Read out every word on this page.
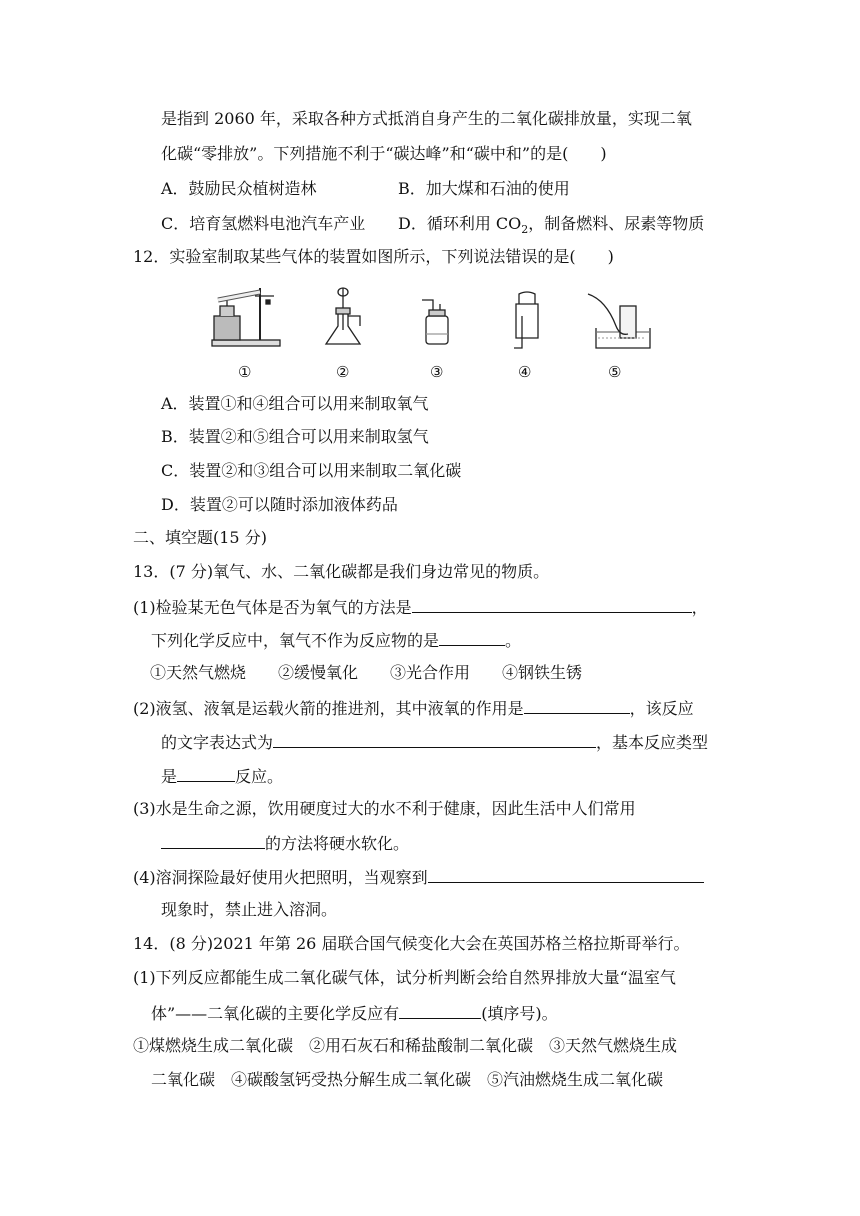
是指到 2060 年，采取各种方式抵消自身产生的二氧化碳排放量，实现二氧
化碳“零排放”。下列措施不利于“碳达峰”和“碳中和”的是(　　)
A．鼓励民众植树造林	B．加大煤和石油的使用
C．培育氢燃料电池汽车产业 D．循环利用 $CO_2$，制备燃料、尿素等物质
12．实验室制取某些气体的装置如图所示，下列说法错误的是(　　)
①	②	③	④	⑤
A．装置①和④组合可以用来制取氧气
B．装置②和⑤组合可以用来制取氢气
C．装置②和③组合可以用来制取二氧化碳
D．装置②可以随时添加液体药品
二、填空题(15 分)
13．(7 分)氧气、水、二氧化碳都是我们身边常见的物质。
(1)检验某无色气体是否为氧气的方法是	，
下列化学反应中，氧气不作为反应物的是	。
①天然气燃烧　　②缓慢氧化　　③光合作用　　④钢铁生锈
(2)液氢、液氧是运载火箭的推进剂，其中液氧的作用是	，该反应
的文字表达式为	，基本反应类型
是	反应。
(3)水是生命之源，饮用硬度过大的水不利于健康，因此生活中人们常用
的方法将硬水软化。
(4)溶洞探险最好使用火把照明，当观察到
现象时，禁止进入溶洞。
14．(8 分)2021 年第 26 届联合国气候变化大会在英国苏格兰格拉斯哥举行。
(1)下列反应都能生成二氧化碳气体，试分析判断会给自然界排放大量“温室气
体”——二氧化碳的主要化学反应有	(填序号)。
①煤燃烧生成二氧化碳　②用石灰石和稀盐酸制二氧化碳　③天然气燃烧生成
二氧化碳　④碳酸氢钙受热分解生成二氧化碳　⑤汽油燃烧生成二氧化碳
